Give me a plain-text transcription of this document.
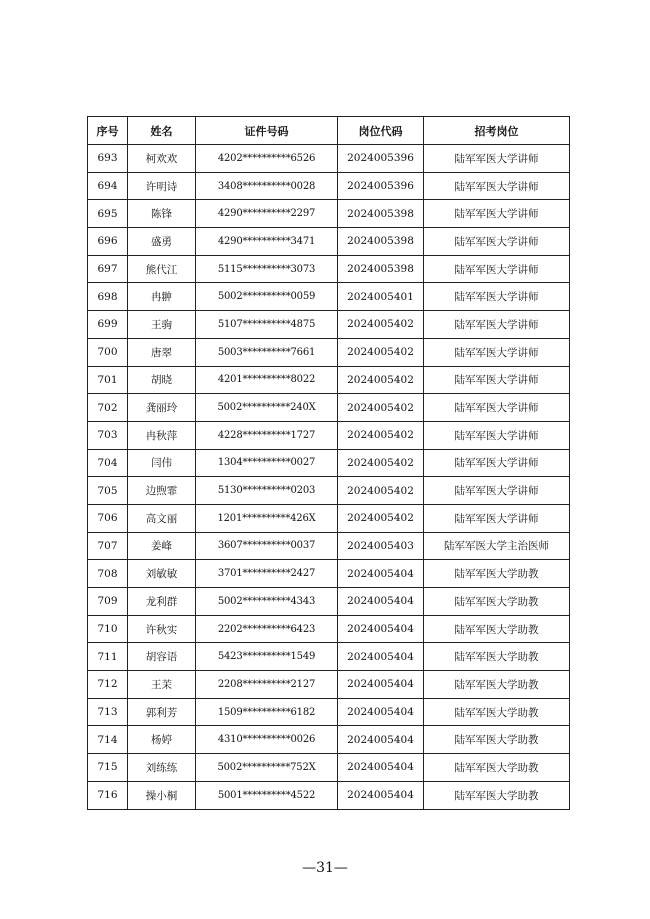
序号	姓名	证件号码	岗位代码	招考岗位
693	柯欢欢	4202**********6526	2024005396	陆军军医大学讲师
694	许明诗	3408**********0028	2024005396	陆军军医大学讲师
695	陈锋	4290**********2297	2024005398	陆军军医大学讲师
696	盛勇	4290**********3471	2024005398	陆军军医大学讲师
697	熊代江	5115**********3073	2024005398	陆军军医大学讲师
698	冉翀	5002**********0059	2024005401	陆军军医大学讲师
699	王驹	5107**********4875	2024005402	陆军军医大学讲师
700	唐翠	5003**********7661	2024005402	陆军军医大学讲师
701	胡晓	4201**********8022	2024005402	陆军军医大学讲师
702	龚丽玲	5002**********240X	2024005402	陆军军医大学讲师
703	冉秋萍	4228**********1727	2024005402	陆军军医大学讲师
704	闫伟	1304**********0027	2024005402	陆军军医大学讲师
705	边煦霏	5130**********0203	2024005402	陆军军医大学讲师
706	高文丽	1201**********426X	2024005402	陆军军医大学讲师
707	姜峰	3607**********0037	2024005403	陆军军医大学主治医师
708	刘敏敏	3701**********2427	2024005404	陆军军医大学助教
709	龙利群	5002**********4343	2024005404	陆军军医大学助教
710	许秋实	2202**********6423	2024005404	陆军军医大学助教
711	胡容语	5423**********1549	2024005404	陆军军医大学助教
712	王茉	2208**********2127	2024005404	陆军军医大学助教
713	郭利芳	1509**********6182	2024005404	陆军军医大学助教
714	杨婷	4310**********0026	2024005404	陆军军医大学助教
715	刘练练	5002**********752X	2024005404	陆军军医大学助教
716	操小桐	5001**********4522	2024005404	陆军军医大学助教
—31—
